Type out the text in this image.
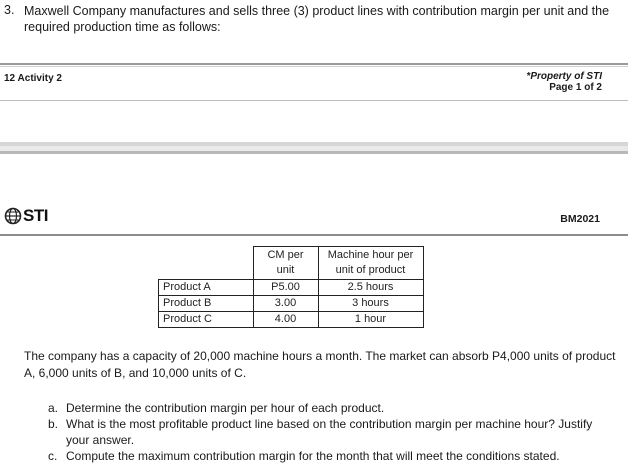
3. Maxwell Company manufactures and sells three (3) product lines with contribution margin per unit and the required production time as follows:
12 Activity 2	*Property of STI
Page 1 of 2
STI	BM2021
	CM per unit	Machine hour per unit of product
Product A	P5.00	2.5 hours
Product B	3.00	3 hours
Product C	4.00	1 hour
The company has a capacity of 20,000 machine hours a month. The market can absorb P4,000 units of product A, 6,000 units of B, and 10,000 units of C.
a. Determine the contribution margin per hour of each product.
b. What is the most profitable product line based on the contribution margin per machine hour? Justify your answer.
c. Compute the maximum contribution margin for the month that will meet the conditions stated.
